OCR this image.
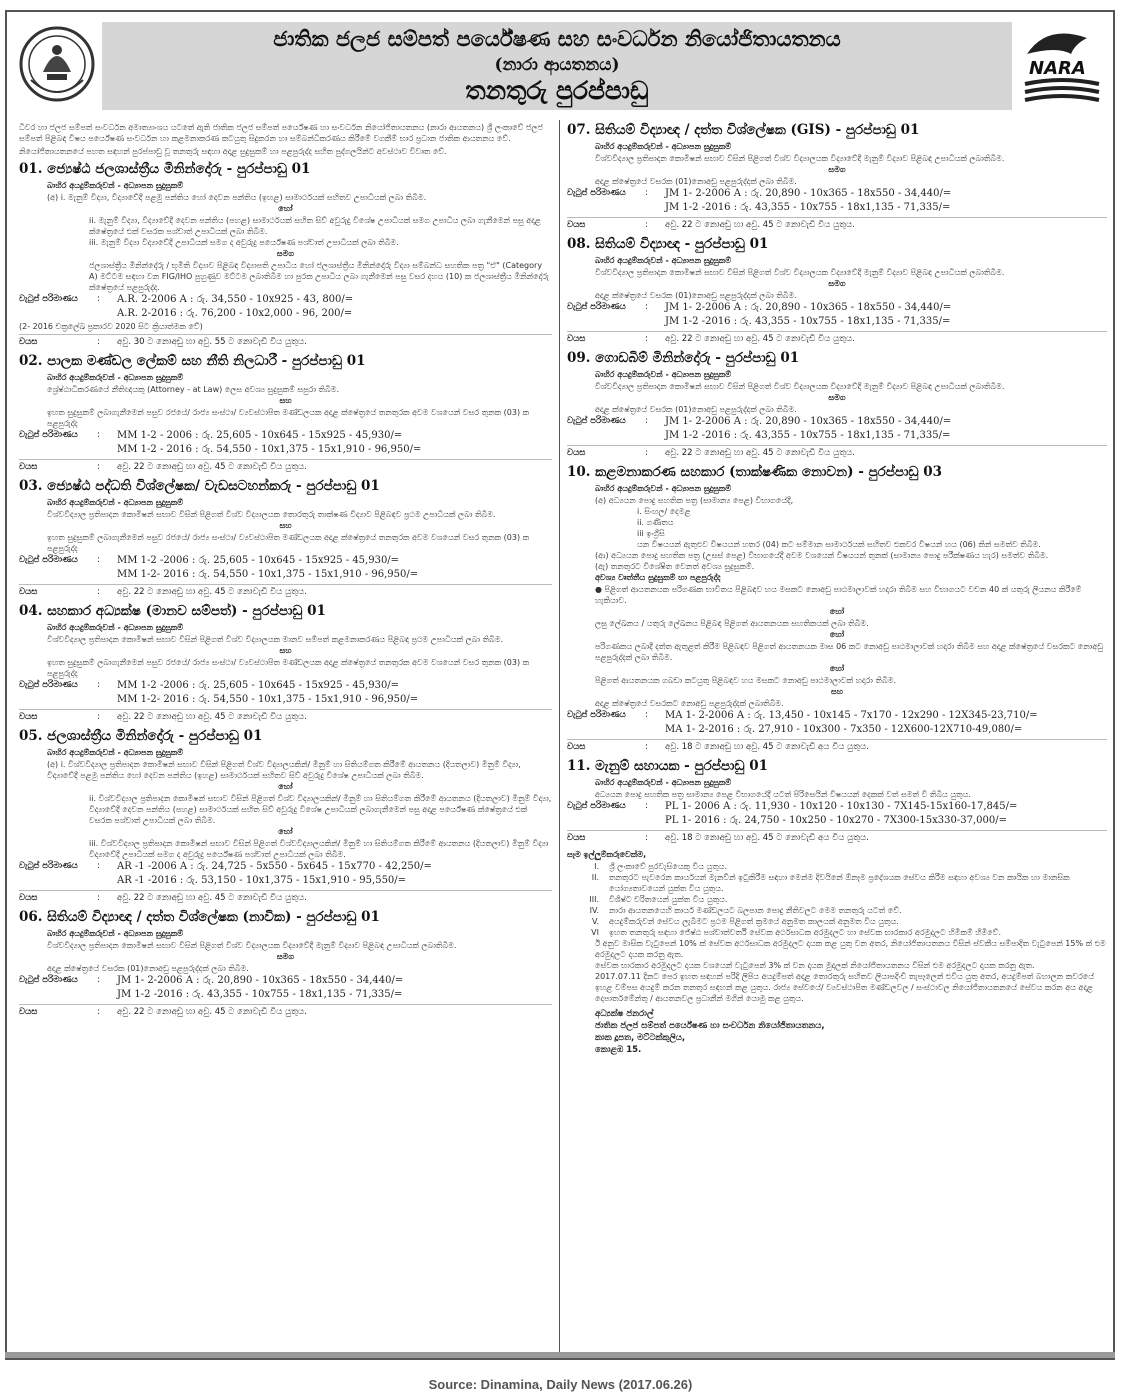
ජාතික ජලජ සම්පත් පර්යේෂණ සහ සංවර්ධන නියෝජිතායතනය
(නාරා ආයතනය)
තනතුරු පුරප්පාඩු
NARA
ධීවර හා ජලජ සම්පත් සංවර්ධන අමාත්‍යාංශය යටතේ ඇති ජාතික ජලජ සම්පත් පර්යේෂණ හා සංවර්ධන නියෝජිතායතනය (නාරා ආයතනය) ශ්‍රී ලංකාවේ ජලජ සම්පත් පිළිබඳ විෂය පර්යේෂණ සංවර්ධන හා කළමනාකරණ කටයුතු සිදුකරන හා සම්බන්ධීකරණය කිරීමේ වගකීම් භාර ප්‍රධාන ජාතික ආයතනය වේ.
නියෝජිතායතනයේ පහත සඳහන් පුරප්පාඩු වූ තනතුරු සඳහා අදාළ සුදුසුකම් හා පළපුරුද්ද සහිත පුද්ගලයින්ට අවස්ථාව විවෘත වේ.
01. ජ්‍යෙෂ්ඨ ජලශාස්ත්‍රීය මිනින්දෝරු - පුරප්පාඩු 01
බාහිර අයදුම්කරුවන් - අධ්‍යාපන සුදුසුකම්
(අ) i. මැනුම් විද්‍යා, විද්‍යාවේදී පළමු පන්තිය හෝ දෙවන පන්තිය (ඉහළ) සාමාර්ථයක් සහිතව උපාධියක් ලබා තිබීම.
හෝ
ii. මැනුම් විද්‍යා, විද්‍යාවේදී දෙවන පන්තිය (පහළ) සාමාර්ථයක් සහිත සිව් අවුරුදු විශේෂ උපාධියක් සමග උපාධිය ලබා ගැනීමෙන් පසු අදාළ ක්ෂේත්‍රයේ එක් වසරක පශ්චාත් උපාධියක් ලබා තිබීම.
iii. මැනුම් විද්‍යා විද්‍යාවේදී උපාධියක් සමග ද අවුරුදු පර්යේෂණ පශ්චාත් උපාධියක් ලබා තිබීම.
සමග
ජලශාස්ත්‍රීය මිනින්දෝරු / භූමිති විද්‍යාව පිළිබඳ විද්‍යාපති උපාධිය හෝ ජලශාස්ත්‍රීය මිනින්දෝරු විද්‍යා සම්බන්ධ සහතික පත්‍ර "ඒ" (Category A) මට්ටම සඳහා වන FIG/IHO පුහුණුව මට්ටම ලබාතිබීම හා පුරක උපාධිය ලබා ගැනීමෙන් පසු වසර දහය (10) ක ජලශාස්ත්‍රීය මිනින්දෝරු ක්ෂේත්‍රයේ පළපුරුද්ද.
වැටුප් පරිමාණය	:	A.R. 2-2006 A : රු. 34,550 - 10x925 - 43, 800/=
A.R. 2-2016 : රු. 76,200 - 10x2,000 - 96, 200/=
(2- 2016 චක්‍රලේඛ ප්‍රකාරව 2020 සිට ක්‍රියාත්මක වේ)
වයස	:	අවු. 30 ට නොඅඩු හා අවු. 55 ට නොවැඩි විය යුතුය.
02. පාලක මණ්ඩල ලේකම් සහ නීති නිලධාරී - පුරප්පාඩු 01
බාහිර අයදුම්කරුවන් - අධ්‍යාපන සුදුසුකම්
ශ්‍රේෂ්ඨාධිකරණයේ නීතිඥයකු (Attorney - at Law) ලෙස අවශ්‍ය සුදුසුකම් සපුරා තිබීම.
සහ
ඉහත සුදුසුකම් ලබාගැනීමෙන් පසුව රජයේ/ රාජ්‍ය සංස්ථා/ ව්‍යවස්ථාපිත මණ්ඩලයක අදාළ ක්ෂේත්‍රයේ තනතුරක අවම වශයෙන් වසර තුනක (03) ක පළපුරුද්ද
වැටුප් පරිමාණය	:	MM 1-2 - 2006 : රු. 25,605 - 10x645 - 15x925 - 45,930/=
MM 1-2 - 2016 : රු. 54,550 - 10x1,375 - 15x1,910 - 96,950/=
වයස	:	අවු. 22 ට නොඅඩු හා අවු. 45 ට නොවැඩි විය යුතුය.
03. ජ්‍යෙෂ්ඨ පද්ධති විශ්ලේෂක/ වැඩසටහන්කරු - පුරප්පාඩු 01
බාහිර අයදුම්කරුවන් - අධ්‍යාපන සුදුසුකම්
විශ්වවිද්‍යාල ප්‍රතිපාදන කොමිෂන් සභාව විසින් පිළිගත් විශ්ව විද්‍යාලයක තොරතුරු තාක්ෂණ විද්‍යාව පිළිබඳව ප්‍රථම උපාධියක් ලබා තිබීම.
සහ
ඉහත සුදුසුකම් ලබාගැනීමෙන් පසුව රජයේ/ රාජ්‍ය සංස්ථා/ ව්‍යවස්ථාපිත මණ්ඩලයක අදාළ ක්ෂේත්‍රයේ තනතුරක අවම වශයෙන් වසර තුනක (03) ක පළපුරුද්ද
වැටුප් පරිමාණය	:	MM 1-2 -2006 : රු. 25,605 - 10x645 - 15x925 - 45,930/=
MM 1-2- 2016 : රු. 54,550 - 10x1,375 - 15x1,910 - 96,950/=
වයස	:	අවු. 22 ට නොඅඩු හා අවු. 45 ට නොවැඩි විය යුතුය.
04. සහකාර අධ්‍යක්ෂ (මානව සම්පත්) - පුරප්පාඩු 01
බාහිර අයදුම්කරුවන් - අධ්‍යාපන සුදුසුකම්
විශ්වවිද්‍යාල ප්‍රතිපාදන කොමිෂන් සභාව විසින් පිළිගත් විශ්ව විද්‍යාලයක මානව සම්පත් කළමනාකරණය පිළිබඳ ප්‍රථම උපාධියක් ලබා තිබීම.
සහ
ඉහත සුදුසුකම් ලබාගැනීමෙන් පසුව රජයේ/ රාජ්‍ය සංස්ථා/ ව්‍යවස්ථාපිත මණ්ඩලයක අදාළ ක්ෂේත්‍රයේ තනතුරක අවම වශයෙන් වසර තුනක (03) ක පළපුරුද්ද
වැටුප් පරිමාණය	:	MM 1-2 -2006 : රු. 25,605 - 10x645 - 15x925 - 45,930/=
MM 1-2- 2016 : රු. 54,550 - 10x1,375 - 15x1,910 - 96,950/=
වයස	:	අවු. 22 ට නොඅඩු හා අවු. 45 ට නොවැඩි විය යුතුය.
05. ජලශාස්ත්‍රීය මිනින්දෝරු - පුරප්පාඩු 01
බාහිර අයදුම්කරුවන් - අධ්‍යාපන සුදුසුකම්
(අ) i. විශ්වවිද්‍යාල ප්‍රතිපාදන කොමිෂන් සභාව විසින් පිළිගත් විශ්ව විද්‍යාලයකින්/ මිනුම් හා සිතියම්ගත කිරීමේ ආයතනය (දියතලාව) මිනුම් විද්‍යා, විද්‍යාවේදී පළමු පන්තිය හෝ දෙවන පන්තිය (ඉහළ) සාමාර්ථයක් සහිතව සිව් අවුරුදු විශේෂ උපාධියක් ලබා තිබීම.
හෝ
ii. විශ්වවිද්‍යාල ප්‍රතිපාදන කොමිෂන් සභාව විසින් පිළිගත් විශ්ව විද්‍යාලයකින්/ මිනුම් හා සිතියම්ගත කිරීමේ ආයතනය (දියතලාව) මිනුම් විද්‍යා, විද්‍යාවේදී දෙවන පන්තිය (පහළ) සාමාර්ථයක් සහිත සිව් අවුරුදු විශේෂ උපාධියක් ලබාගැනීමෙන් පසු අදාළ පර්යේෂණ ක්ෂේත්‍රයේ එක් වසරක පශ්චාත් උපාධියක් ලබා තිබීම.
හෝ
iii. විශ්වවිද්‍යාල ප්‍රතිපාදන කොමිෂන් සභාව විසින් පිළිගත් විශ්වවිද්‍යාලයකින්/ මිනුම් හා සිතියම්ගත කිරීමේ ආයතනය (දියතලාව) මිනුම් විද්‍යා විද්‍යාවේදී උපාධියක් සමග ද අවුරුදු පර්යේෂණ පශ්චාත් උපාධියක් ලබා තිබීම.
වැටුප් පරිමාණය	:	AR -1 -2006 A : රු. 24,725 - 5x550 - 5x645 - 15x770 - 42,250/=
AR -1 -2016 : රු. 53,150 - 10x1,375 - 15x1,910 - 95,550/=
වයස	:	අවු. 22 ට නොඅඩු හා අවු. 45 ට නොවැඩි විය යුතුය.
06. සිතියම් විද්‍යාඥ / දත්ත විශ්ලේෂක (නාවික) - පුරප්පාඩු 01
බාහිර අයදුම්කරුවන් - අධ්‍යාපන සුදුසුකම්
විශ්වවිද්‍යාල ප්‍රතිපාදන කොමිෂන් සභාව විසින් පිළිගත් විශ්ව විද්‍යාලයක විද්‍යාවේදී මැනුම් විද්‍යාව පිළිබඳ උපාධියක් ලබාතිබීම.
සමග
අදාළ ක්ෂේත්‍රයේ වසරක (01)නොඅඩු පළපුරුද්දක් ලබා තිබීම.
වැටුප් පරිමාණය	:	JM 1- 2-2006 A : රු. 20,890 - 10x365 - 18x550 - 34,440/=
JM 1-2 -2016 : රු. 43,355 - 10x755 - 18x1,135 - 71,335/=
වයස	:	අවු. 22 ට නොඅඩු හා අවු. 45 ට නොවැඩි විය යුතුය.
07. සිතියම් විද්‍යාඥ / දත්ත විශ්ලේෂක (GIS) - පුරප්පාඩු 01
බාහිර අයදුම්කරුවන් - අධ්‍යාපන සුදුසුකම්
විශ්වවිද්‍යාල ප්‍රතිපාදන කොමිෂන් සභාව විසින් පිළිගත් විශ්ව විද්‍යාලයක විද්‍යාවේදී මැනුම් විද්‍යාව පිළිබඳ උපාධියක් ලබාතිබීම.
සමග
අදාළ ක්ෂේත්‍රයේ වසරක (01)නොඅඩු පළපුරුද්දක් ලබා තිබීම.
වැටුප් පරිමාණය	:	JM 1- 2-2006 A : රු. 20,890 - 10x365 - 18x550 - 34,440/=
JM 1-2 -2016 : රු. 43,355 - 10x755 - 18x1,135 - 71,335/=
වයස	:	අවු. 22 ට නොඅඩු හා අවු. 45 ට නොවැඩි විය යුතුය.
08. සිතියම් විද්‍යාඥ - පුරප්පාඩු 01
බාහිර අයදුම්කරුවන් - අධ්‍යාපන සුදුසුකම්
විශ්වවිද්‍යාල ප්‍රතිපාදන කොමිෂන් සභාව විසින් පිළිගත් විශ්ව විද්‍යාලයක විද්‍යාවේදී මැනුම් විද්‍යාව පිළිබඳ උපාධියක් ලබාතිබීම.
සමග
අදාළ ක්ෂේත්‍රයේ වසරක (01)නොඅඩු පළපුරුද්දක් ලබා තිබීම.
වැටුප් පරිමාණය	:	JM 1- 2-2006 A : රු. 20,890 - 10x365 - 18x550 - 34,440/=
JM 1-2 -2016 : රු. 43,355 - 10x755 - 18x1,135 - 71,335/=
වයස	:	අවු. 22 ට නොඅඩු හා අවු. 45 ට නොවැඩි විය යුතුය.
09. ගොඩබිම් මිනින්දෝරු - පුරප්පාඩු 01
බාහිර අයදුම්කරුවන් - අධ්‍යාපන සුදුසුකම්
විශ්වවිද්‍යාල ප්‍රතිපාදන කොමිෂන් සභාව විසින් පිළිගත් විශ්ව විද්‍යාලයක විද්‍යාවේදී මැනුම් විද්‍යාව පිළිබඳ උපාධියක් ලබාතිබීම.
සමග
අදාළ ක්ෂේත්‍රයේ වසරක (01)නොඅඩු පළපුරුද්දක් ලබා තිබීම.
වැටුප් පරිමාණය	:	JM 1- 2-2006 A : රු. 20,890 - 10x365 - 18x550 - 34,440/=
JM 1-2 -2016 : රු. 43,355 - 10x755 - 18x1,135 - 71,335/=
වයස	:	අවු. 22 ට නොඅඩු හා අවු. 45 ට නොවැඩි විය යුතුය.
10. කළමනාකරණ සහකාර (තාක්ෂණික නොවන) - පුරප්පාඩු 03
බාහිර අයදුම්කරුවන් - අධ්‍යාපන සුදුසුකම්
(අ) අධ්‍යයන පොදු සහතික පත්‍ර (සාමාන්‍ය පෙළ) විභාගයේදී,
i. සිංහල/ දෙමළ
ii. ගණිතය
iii ඉංග්‍රීසි
යන විෂයයන් ඇතුළුව විෂයයන් හතර (04) කට සම්මාන සාමාර්ථයක් සහිතව එකවර විෂයන් හය (06) කින් සමත්ව තිබීම.
(ආ) අධ්‍යයන පොදු සහතික පත්‍ර (උසස් පෙළ) විභාගයේදී අවම වශයෙන් විෂයයන් තුනක් (සාමාන්‍ය පොදු පරීක්ෂණය හැර) සමත්ව තිබීම.
(ඇ) තනතුරට විශේෂිත වෙනත් අවශ්‍ය සුදුසුකම්.
අවශ්‍ය වෘත්තීය සුදුසුකම් හා පළපුරුද්ද
● පිළිගත් ආයතනයක පරිගණක භාවිතය පිළිබඳව හය මසකට නොඅඩු පාඨමාලාවක් හදාරා තිබීම සහ විභාගයට වචන 40 ක් යතුරු ලියනය කිරීමේ හැකියාව.
හෝ
ලඝු ලේඛනය / යතුරු ලේඛනය පිළිබඳ පිළිගත් ආයතනයක සහතිකයක් ලබා තිබීම.
හෝ
පරිගණකය ලබාදී දත්ත ඇතුළත් කිරීම පිළිබඳව පිළිගත් ආයතනයක මාස 06 කට නොඅඩු පාඨමාලාවක් හදාරා තිබීම සහ අදාළ ක්ෂේත්‍රයේ වසරකට නොඅඩු පළපුරුද්දක් ලබා තිබීම.
හෝ
පිළිගත් ආයතනයක ගබඩා කටයුතු පිළිබඳව හය මසකට නොඅඩු පාඨමාලාවක් හදාරා තිබීම.
සහ
අදාළ ක්ෂේත්‍රයේ වසරකට නොඅඩු පළපුරුද්දක් ලබාතිබීම.
වැටුප් පරිමාණය	:	MA 1- 2-2006 A : රු. 13,450 - 10x145 - 7x170 - 12x290 - 12X345-23,710/=
MA 1- 2-2016 : රු. 27,910 - 10x300 - 7x350 - 12X600-12X710-49,080/=
වයස	:	අවු. 18 ට නොඅඩු හා අවු. 45 ට නොවැඩි අය විය යුතුය.
11. මැනුම් සහායක - පුරප්පාඩු 01
බාහිර අයදුම්කරුවන් - අධ්‍යාපන සුදුසුකම්
අධ්‍යයන පොදු සහතික පත්‍ර සාමාන්‍ය පෙළ විභාගයේදී යටත් පිරිසෙයින් විෂයයන් දෙකක් වත් සමත් වී තිබිය යුතුය.
වැටුප් පරිමාණය	:	PL 1- 2006 A : රු. 11,930 - 10x120 - 10x130 - 7X145-15x160-17,845/=
PL 1- 2016 : රු. 24,750 - 10x250 - 10x270 - 7X300-15x330-37,000/=
වයස	:	අවු. 18 ට නොඅඩු හා අවු. 45 ට නොවැඩි අය විය යුතුය.
සෑම ඉල්ලුම්කරුවෙක්ම,
I.	ශ්‍රී ලංකාවේ පුරවැසියෙකු විය යුතුය.
II.	තනතුරට පැවරෙන කාර්යයන් මැනවින් ඉටුකිරීම සඳහා මෙන්ම දිවයිනේ ඕනෑම ප්‍රදේශයක සේවය කිරීම සඳහා අවශ්‍ය වන කායික හා මානසික යෝග්‍යතාවයෙන් යුක්ත විය යුතුය.
III.	විශිෂ්ට චරිතයෙන් යුක්ත විය යුතුය.
IV.	නාරා ආයතනයෙහි කාර්ය මණ්ඩලයට බලපාන පොදු නීතිවලට මෙම තනතුරු යටත් වේ.
V.	අයදුම්කරුවන් සේවය ලැබීමට ප්‍රථම පිළිගත් ක්‍රමයේ අනුමත කාලයක් අනුමත විය යුතුය.
VI	ඉහත තනතුරු සඳහා ජේෂ්ඨ පශ්චාත්වර්ති සේවක අර්ථසාධක අරමුදලට හා සේවක භාරකාර අරමුදලට හිමිකම් හිමිවේ.
ඊ අනුව මාසික වැටුපෙන් 10% ක් සේවක අර්ථසාධක අරමුදලට දායක කළ යුතු වන අතර, නියෝජිතායතනය විසින් ස්වකීය සම්පාදිත වැටුපෙන් 15% ක් එම අරමුදලට දායක කරනු ඇත.
සේවක භාරකාර අරමුදලට දායක වශයෙන් වැටුපෙන් 3% ක් වන දායක මුදලක් නියෝජිතායතනය විසින් එම අරමුදලට දායක කරනු ඇත.
2017.07.11 දිනට පෙර ඉහත සඳහන් පරිදි ලිපිය අයදුම්පත් අදාළ තොරතුරු සහිතව ලියාපදිංචි තැපෑලෙන් එවිය යුතු අතර, අයදුම්පත් බහාලන කවරයේ ඉහළ වම්පස අයදුම් කරන තනතුර සඳහන් කළ යුතුය. රාජ්‍ය සේවයේ/ ව්‍යවස්ථාපිත මණ්ඩලවල / සංස්ථාවල නියෝජිතායතනයේ සේවය කරන අය අදාළ දෙපාර්තමේන්තු / ආයතනවල ප්‍රධානීන් මගින් යොමු කළ යුතුය.
අධ්‍යක්ෂ ජනරාල්
ජාතික ජලජ සම්පත් පර්යේෂණ හා සංවර්ධන නියෝජිතායතනය,
කාක දූපත, මට්ටක්කුලිය,
කොළඹ 15.
Source: Dinamina, Daily News (2017.06.26)
